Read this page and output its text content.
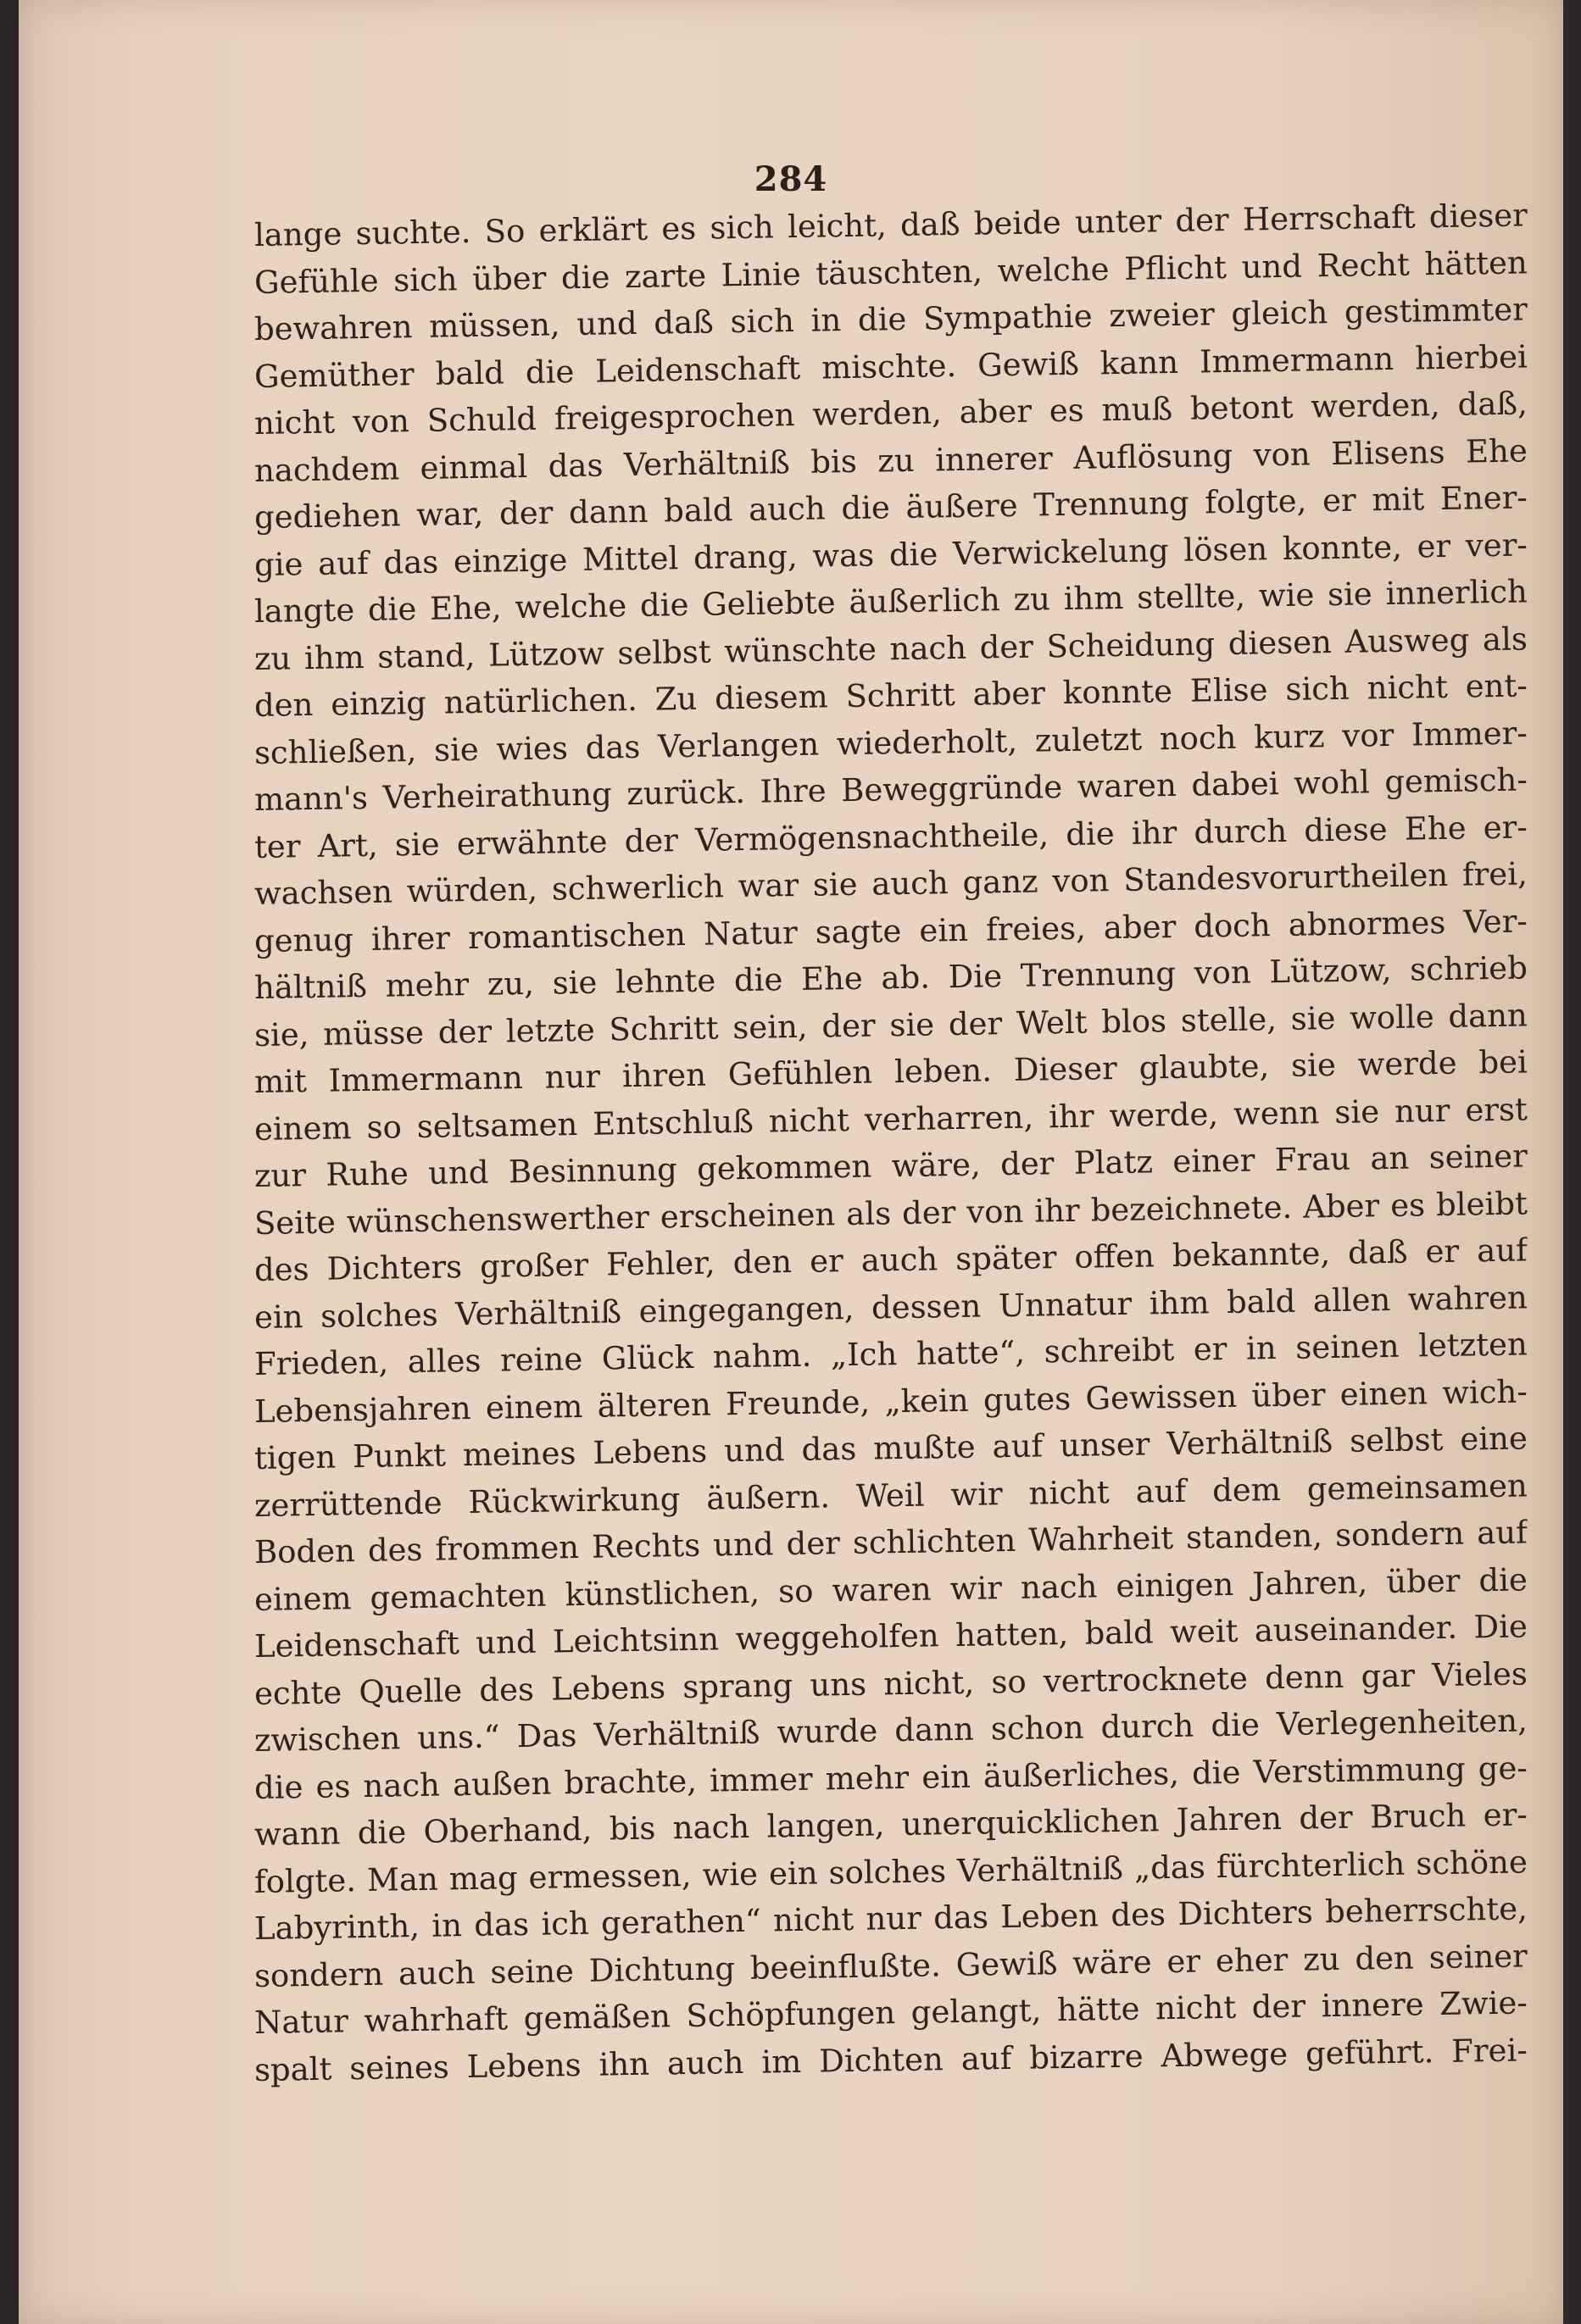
284
lange suchte. So erklärt es sich leicht, daß beide unter der Herrschaft dieser
Gefühle sich über die zarte Linie täuschten, welche Pflicht und Recht hätten
bewahren müssen, und daß sich in die Sympathie zweier gleich gestimmter
Gemüther bald die Leidenschaft mischte. Gewiß kann Immermann hierbei
nicht von Schuld freigesprochen werden, aber es muß betont werden, daß,
nachdem einmal das Verhältniß bis zu innerer Auflösung von Elisens Ehe
gediehen war, der dann bald auch die äußere Trennung folgte, er mit Ener-
gie auf das einzige Mittel drang, was die Verwickelung lösen konnte, er ver-
langte die Ehe, welche die Geliebte äußerlich zu ihm stellte, wie sie innerlich
zu ihm stand, Lützow selbst wünschte nach der Scheidung diesen Ausweg als
den einzig natürlichen. Zu diesem Schritt aber konnte Elise sich nicht ent-
schließen, sie wies das Verlangen wiederholt, zuletzt noch kurz vor Immer-
mann's Verheirathung zurück. Ihre Beweggründe waren dabei wohl gemisch-
ter Art, sie erwähnte der Vermögensnachtheile, die ihr durch diese Ehe er-
wachsen würden, schwerlich war sie auch ganz von Standesvorurtheilen frei,
genug ihrer romantischen Natur sagte ein freies, aber doch abnormes Ver-
hältniß mehr zu, sie lehnte die Ehe ab. Die Trennung von Lützow, schrieb
sie, müsse der letzte Schritt sein, der sie der Welt blos stelle, sie wolle dann
mit Immermann nur ihren Gefühlen leben. Dieser glaubte, sie werde bei
einem so seltsamen Entschluß nicht verharren, ihr werde, wenn sie nur erst
zur Ruhe und Besinnung gekommen wäre, der Platz einer Frau an seiner
Seite wünschenswerther erscheinen als der von ihr bezeichnete. Aber es bleibt
des Dichters großer Fehler, den er auch später offen bekannte, daß er auf
ein solches Verhältniß eingegangen, dessen Unnatur ihm bald allen wahren
Frieden, alles reine Glück nahm. „Ich hatte“, schreibt er in seinen letzten
Lebensjahren einem älteren Freunde, „kein gutes Gewissen über einen wich-
tigen Punkt meines Lebens und das mußte auf unser Verhältniß selbst eine
zerrüttende Rückwirkung äußern. Weil wir nicht auf dem gemeinsamen
Boden des frommen Rechts und der schlichten Wahrheit standen, sondern auf
einem gemachten künstlichen, so waren wir nach einigen Jahren, über die
Leidenschaft und Leichtsinn weggeholfen hatten, bald weit auseinander. Die
echte Quelle des Lebens sprang uns nicht, so vertrocknete denn gar Vieles
zwischen uns.“ Das Verhältniß wurde dann schon durch die Verlegenheiten,
die es nach außen brachte, immer mehr ein äußerliches, die Verstimmung ge-
wann die Oberhand, bis nach langen, unerquicklichen Jahren der Bruch er-
folgte. Man mag ermessen, wie ein solches Verhältniß „das fürchterlich schöne
Labyrinth, in das ich gerathen“ nicht nur das Leben des Dichters beherrschte,
sondern auch seine Dichtung beeinflußte. Gewiß wäre er eher zu den seiner
Natur wahrhaft gemäßen Schöpfungen gelangt, hätte nicht der innere Zwie-
spalt seines Lebens ihn auch im Dichten auf bizarre Abwege geführt. Frei-
